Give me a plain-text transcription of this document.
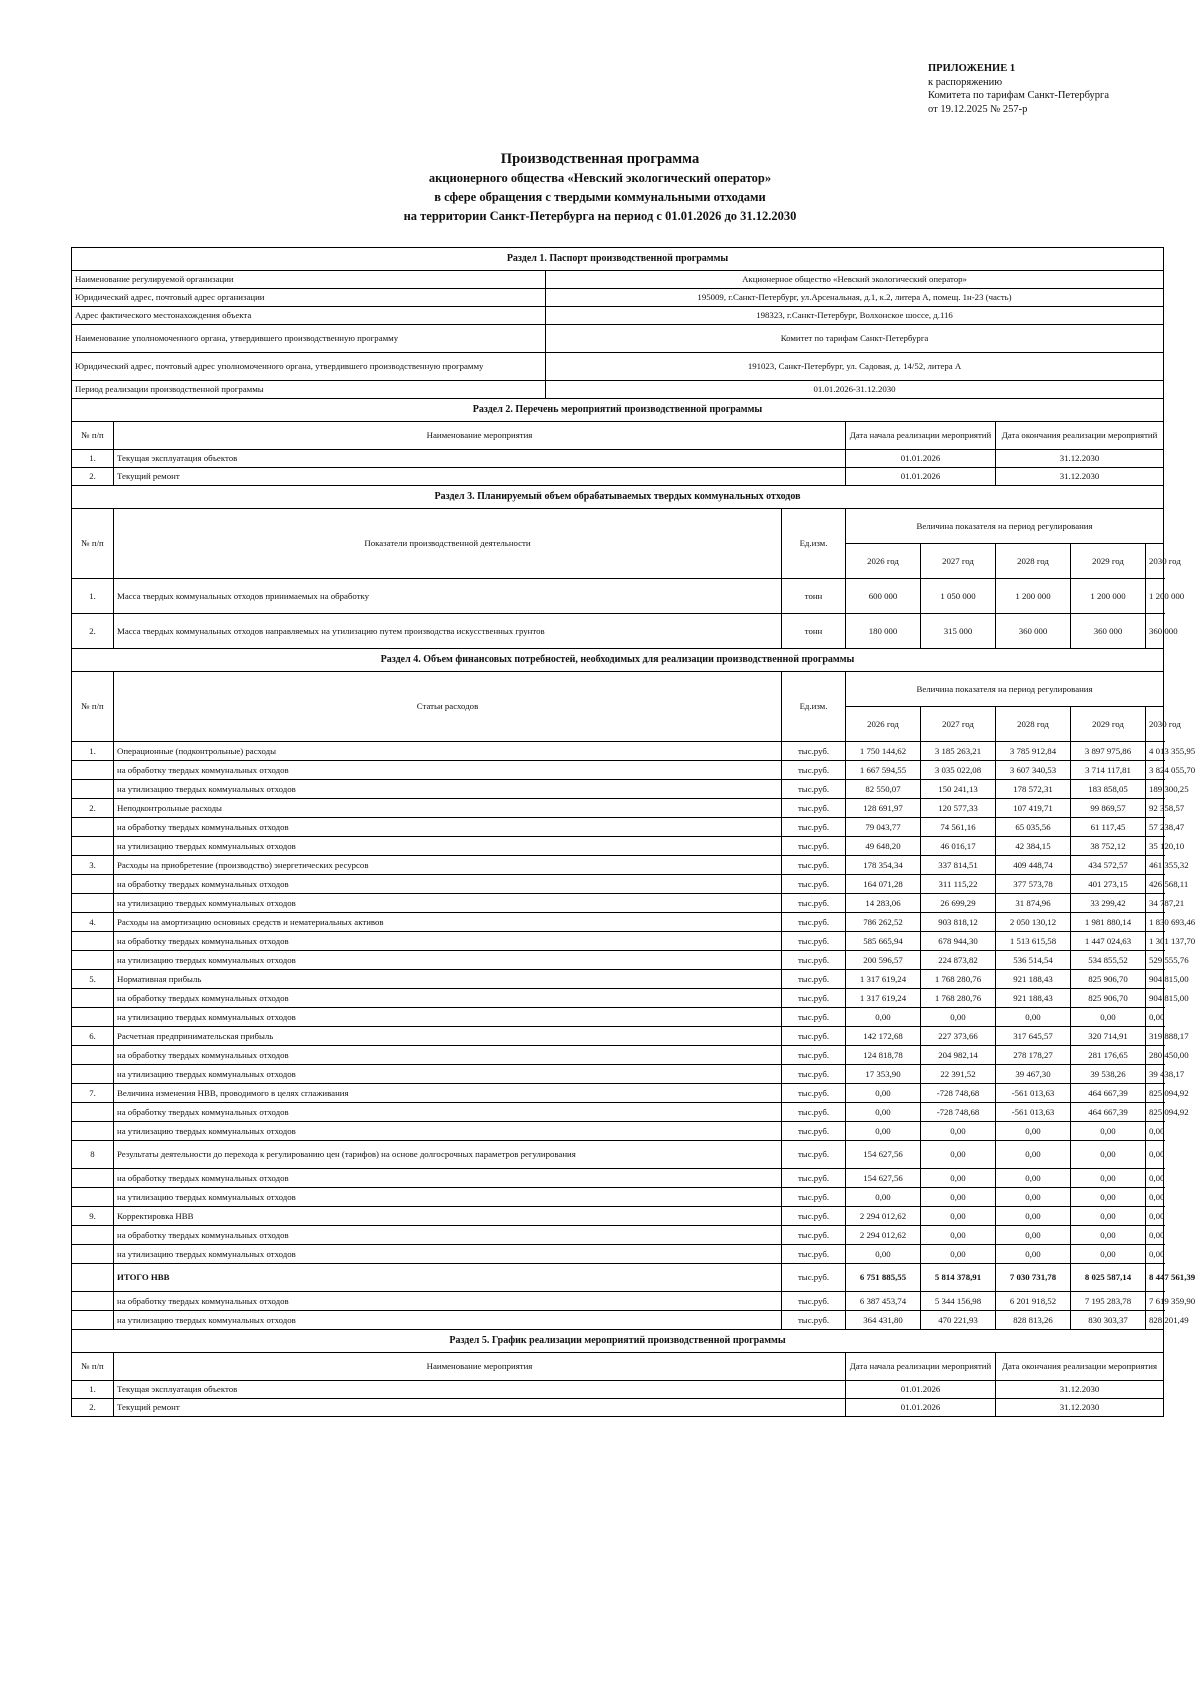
ПРИЛОЖЕНИЕ 1
к распоряжению
Комитета по тарифам Санкт-Петербурга
от 19.12.2025 № 257-р
Производственная программа
акционерного общества «Невский экологический оператор»
в сфере обращения с твердыми коммунальными отходами
на территории Санкт-Петербурга на период с 01.01.2026 до 31.12.2030
Раздел 1. Паспорт производственной программы								
Наименование регулируемой организации		Акционерное общество «Невский экологический оператор»						
Юридический адрес, почтовый адрес организации		195009, г.Санкт-Петербург, ул.Арсенальная, д.1, к.2, литера А, помещ. 1н-23 (часть)						
Адрес фактического местонахождения объекта		198323, г.Санкт-Петербург, Волхонское шоссе, д.116						
Наименование уполномоченного органа, утвердившего производственную программу		Комитет по тарифам Санкт-Петербурга						
Юридический адрес, почтовый адрес уполномоченного органа, утвердившего производственную программу		191023, Санкт-Петербург, ул. Садовая, д. 14/52, литера А						
Период реализации производственной программы		01.01.2026-31.12.2030						
Раздел 2. Перечень мероприятий производственной программы								
№ п/п	Наименование мероприятия			Дата начала реализации мероприятий		Дата окончания реализации мероприятий		
1.	Текущая эксплуатация объектов			01.01.2026		31.12.2030		
2.	Текущий ремонт			01.01.2026		31.12.2030		
Раздел 3. Планируемый объем обрабатываемых твердых коммунальных отходов								
№ п/п	Показатели производственной деятельности		Ед.изм.	Величина показателя на период регулирования				
				2026 год	2027 год	2028 год	2029 год	2030 год
1.	Масса твердых коммунальных отходов принимаемых на обработку		тонн	600 000	1 050 000	1 200 000	1 200 000	1 200 000
2.	Масса твердых коммунальных отходов направляемых на утилизацию путем производства искусственных грунтов		тонн	180 000	315 000	360 000	360 000	360 000
Раздел 4. Объем финансовых потребностей, необходимых для реализации производственной программы								
№ п/п	Статьи расходов		Ед.изм.	Величина показателя на период регулирования				
				2026 год	2027 год	2028 год	2029 год	2030 год
1.	Операционные (подконтрольные) расходы		тыс.руб.	1 750 144,62	3 185 263,21	3 785 912,84	3 897 975,86	4 013 355,95
	на обработку твердых коммунальных отходов		тыс.руб.	1 667 594,55	3 035 022,08	3 607 340,53	3 714 117,81	3 824 055,70
	на утилизацию твердых коммунальных отходов		тыс.руб.	82 550,07	150 241,13	178 572,31	183 858,05	189 300,25
2.	Неподконтрольные расходы		тыс.руб.	128 691,97	120 577,33	107 419,71	99 869,57	92 358,57
	на обработку твердых коммунальных отходов		тыс.руб.	79 043,77	74 561,16	65 035,56	61 117,45	57 238,47
	на утилизацию твердых коммунальных отходов		тыс.руб.	49 648,20	46 016,17	42 384,15	38 752,12	35 120,10
3.	Расходы на приобретение (производство) энергетических ресурсов		тыс.руб.	178 354,34	337 814,51	409 448,74	434 572,57	461 355,32
	на обработку твердых коммунальных отходов		тыс.руб.	164 071,28	311 115,22	377 573,78	401 273,15	426 568,11
	на утилизацию твердых коммунальных отходов		тыс.руб.	14 283,06	26 699,29	31 874,96	33 299,42	34 787,21
4.	Расходы на амортизацию основных средств и нематериальных активов		тыс.руб.	786 262,52	903 818,12	2 050 130,12	1 981 880,14	1 830 693,46
	на обработку твердых коммунальных отходов		тыс.руб.	585 665,94	678 944,30	1 513 615,58	1 447 024,63	1 301 137,70
	на утилизацию твердых коммунальных отходов		тыс.руб.	200 596,57	224 873,82	536 514,54	534 855,52	529 555,76
5.	Нормативная прибыль		тыс.руб.	1 317 619,24	1 768 280,76	921 188,43	825 906,70	904 815,00
	на обработку твердых коммунальных отходов		тыс.руб.	1 317 619,24	1 768 280,76	921 188,43	825 906,70	904 815,00
	на утилизацию твердых коммунальных отходов		тыс.руб.	0,00	0,00	0,00	0,00	0,00
6.	Расчетная предпринимательская прибыль		тыс.руб.	142 172,68	227 373,66	317 645,57	320 714,91	319 888,17
	на обработку твердых коммунальных отходов		тыс.руб.	124 818,78	204 982,14	278 178,27	281 176,65	280 450,00
	на утилизацию твердых коммунальных отходов		тыс.руб.	17 353,90	22 391,52	39 467,30	39 538,26	39 438,17
7.	Величина изменения НВВ, проводимого в целях сглаживания		тыс.руб.	0,00	-728 748,68	-561 013,63	464 667,39	825 094,92
	на обработку твердых коммунальных отходов		тыс.руб.	0,00	-728 748,68	-561 013,63	464 667,39	825 094,92
	на утилизацию твердых коммунальных отходов		тыс.руб.	0,00	0,00	0,00	0,00	0,00
8	Результаты деятельности до перехода к регулированию цен (тарифов) на основе долгосрочных параметров регулирования		тыс.руб.	154 627,56	0,00	0,00	0,00	0,00
	на обработку твердых коммунальных отходов		тыс.руб.	154 627,56	0,00	0,00	0,00	0,00
	на утилизацию твердых коммунальных отходов		тыс.руб.	0,00	0,00	0,00	0,00	0,00
9.	Корректировка НВВ		тыс.руб.	2 294 012,62	0,00	0,00	0,00	0,00
	на обработку твердых коммунальных отходов		тыс.руб.	2 294 012,62	0,00	0,00	0,00	0,00
	на утилизацию твердых коммунальных отходов		тыс.руб.	0,00	0,00	0,00	0,00	0,00
	ИТОГО НВВ		тыс.руб.	6 751 885,55	5 814 378,91	7 030 731,78	8 025 587,14	8 447 561,39
	на обработку твердых коммунальных отходов		тыс.руб.	6 387 453,74	5 344 156,98	6 201 918,52	7 195 283,78	7 619 359,90
	на утилизацию твердых коммунальных отходов		тыс.руб.	364 431,80	470 221,93	828 813,26	830 303,37	828 201,49
Раздел 5. График реализации мероприятий производственной программы								
№ п/п	Наименование мероприятия			Дата начала реализации мероприятий		Дата окончания реализации мероприятия		
1.	Текущая эксплуатация объектов			01.01.2026		31.12.2030		
2.	Текущий ремонт			01.01.2026		31.12.2030		
